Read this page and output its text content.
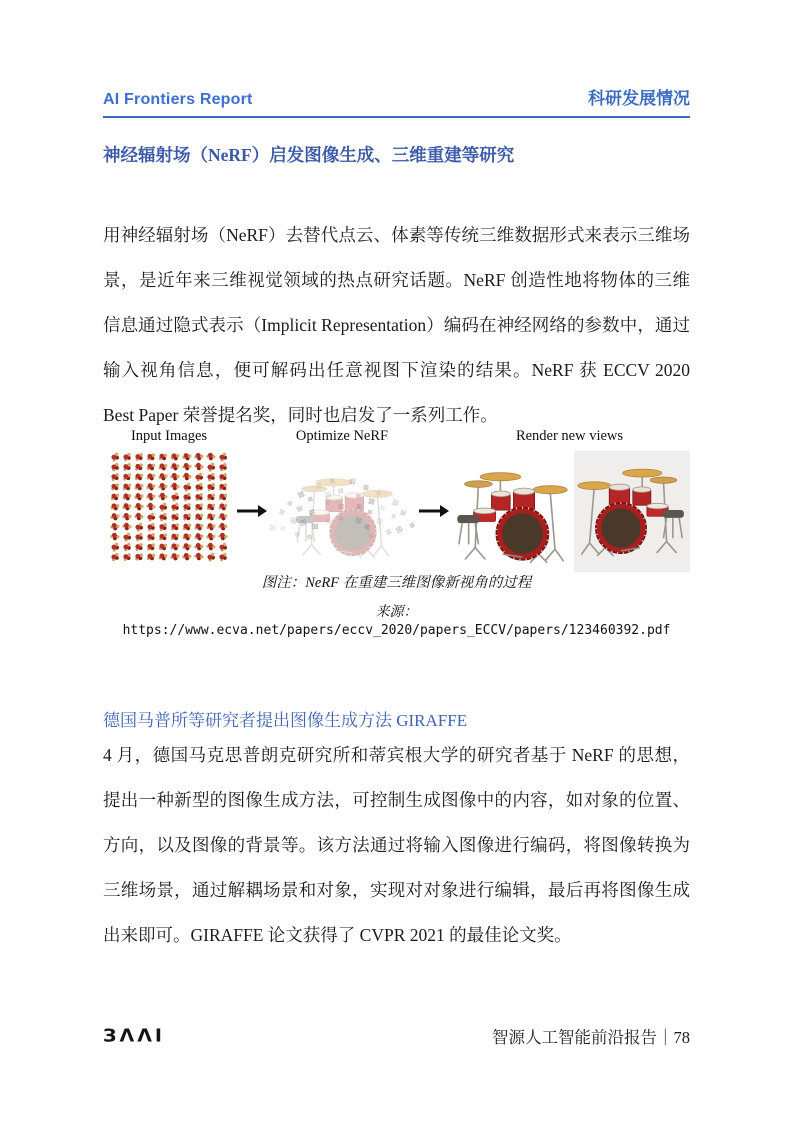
AI Frontiers Report	科研发展情况
神经辐射场（NeRF）启发图像生成、三维重建等研究
用神经辐射场（NeRF）去替代点云、体素等传统三维数据形式来表示三维场景，是近年来三维视觉领域的热点研究话题。NeRF 创造性地将物体的三维信息通过隐式表示（Implicit Representation）编码在神经网络的参数中，通过输入视角信息，便可解码出任意视图下渲染的结果。NeRF 获 ECCV 2020 Best Paper 荣誉提名奖，同时也启发了一系列工作。
Input Images	Optimize NeRF	Render new views
⊠
⊠
⊠
⊠
⊠
⊠
⊠	⊠
⊠
⊠
⊠
⊠
⊠
⊠
⊠
⊠	⊠
⊠
⊠
⊠
⊠
⊠
⊠
⊠
⊠
⊠
⊠	⊠
⊠
⊠
⊠
⊠
⊠
⊠
⊠
⊠
⊠
⊠
⊠
图注：NeRF 在重建三维图像新视角的过程
来源：https://www.ecva.net/papers/eccv_2020/papers_ECCV/papers/123460392.pdf
德国马普所等研究者提出图像生成方法 GIRAFFE
4 月，德国马克思普朗克研究所和蒂宾根大学的研究者基于 NeRF 的思想，提出一种新型的图像生成方法，可控制生成图像中的内容，如对象的位置、方向，以及图像的背景等。该方法通过将输入图像进行编码，将图像转换为三维场景，通过解耦场景和对象，实现对对象进行编辑，最后再将图像生成出来即可。GIRAFFE 论文获得了 CVPR 2021 的最佳论文奖。
ЗΛΛI	智源人工智能前沿报告｜78
